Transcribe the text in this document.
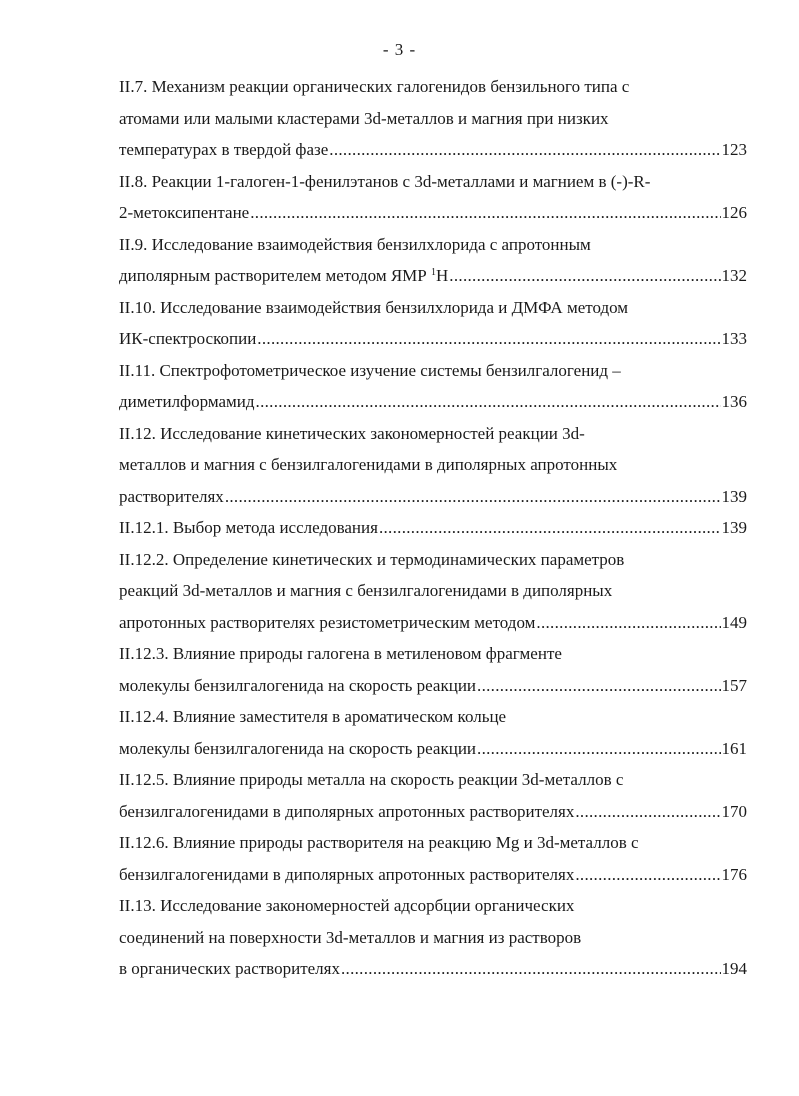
- 3 -
II.7. Механизм реакции органических галогенидов бензильного типа с
атомами или малыми кластерами 3d-металлов и магния при низких
температурах в твердой фазе .....	123
II.8. Реакции 1-галоген-1-фенилэтанов с 3d-металлами и магнием в (-)-R-
2-метоксипентане .....	126
II.9. Исследование взаимодействия бензилхлорида с апротонным
диполярным растворителем методом ЯМР $^1$H .....	132
II.10. Исследование взаимодействия бензилхлорида и ДМФА методом
ИК-спектроскопии .....	133
II.11. Спектрофотометрическое изучение системы бензилгалогенид –
диметилформамид .....	136
II.12. Исследование кинетических закономерностей реакции 3d-
металлов и магния с бензилгалогенидами в диполярных апротонных
растворителях .....	139
II.12.1. Выбор метода исследования .....	139
II.12.2. Определение кинетических и термодинамических параметров
реакций 3d-металлов и магния с бензилгалогенидами в диполярных
апротонных растворителях резистометрическим методом .....	149
II.12.3. Влияние природы галогена в метиленовом фрагменте
молекулы бензилгалогенида на скорость реакции .....	157
II.12.4. Влияние заместителя в ароматическом кольце
молекулы бензилгалогенида на скорость реакции .....	161
II.12.5. Влияние природы металла на скорость реакции 3d-металлов с
бензилгалогенидами в диполярных апротонных растворителях .....	170
II.12.6. Влияние природы растворителя на реакцию Mg и 3d-металлов с
бензилгалогенидами в диполярных апротонных растворителях .....	176
II.13. Исследование закономерностей адсорбции органических
соединений на поверхности 3d-металлов и магния из растворов
в органических растворителях .....	194
